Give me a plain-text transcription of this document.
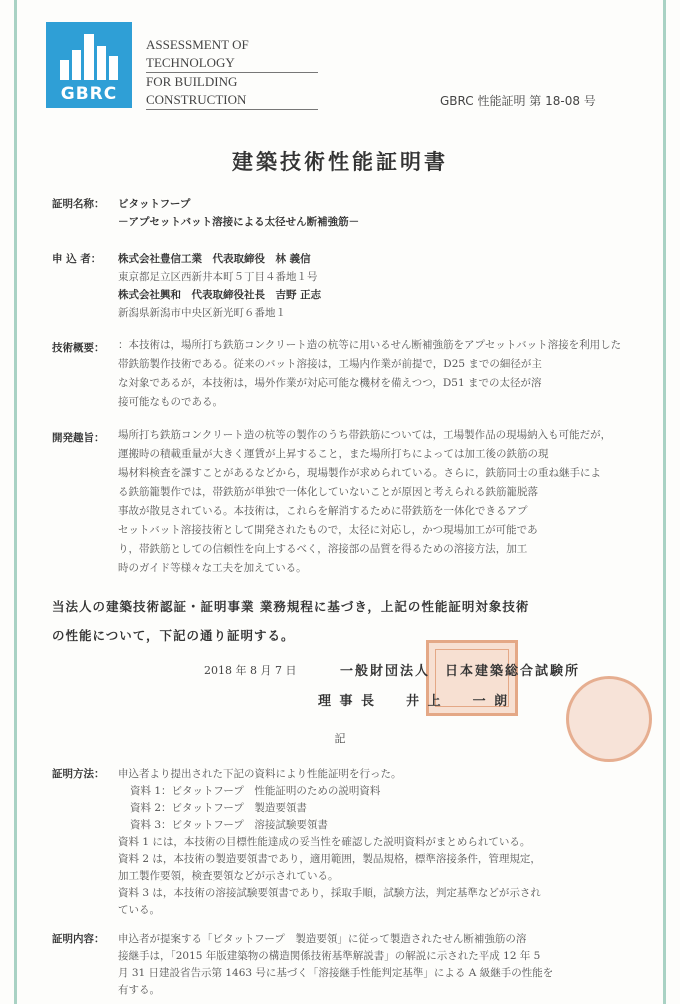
GBRC
ASSESSMENT OF TECHNOLOGY
FOR BUILDING CONSTRUCTION	GBRC 性能証明 第 18-08 号
建築技術性能証明書
証明名称： ビタットフープ
－アプセットバット溶接による太径せん断補強筋－
申 込 者： 株式会社豊信工業　代表取締役　林 義信
東京都足立区西新井本町５丁目４番地１号
株式会社興和　代表取締役社長　吉野 正志
新潟県新潟市中央区新光町６番地１
技術概要： ：本技術は，場所打ち鉄筋コンクリート造の杭等に用いるせん断補強筋をアプセットバット溶接を利用した
帯鉄筋製作技術である。従来のバット溶接は，工場内作業が前提で，D25 までの細径が主
な対象であるが，本技術は，場外作業が対応可能な機材を備えつつ，D51 までの太径が溶
接可能なものである。
開発趣旨： 場所打ち鉄筋コンクリート造の杭等の製作のうち帯鉄筋については，工場製作品の現場納入も可能だが，
運搬時の積載重量が大きく運賃が上昇すること，また場所打ちによっては加工後の鉄筋の現
場材料検査を課すことがあるなどから，現場製作が求められている。さらに，鉄筋同士の重ね継手によ
る鉄筋籠製作では，帯鉄筋が単独で一体化していないことが原因と考えられる鉄筋籠脱落
事故が散見されている。本技術は，これらを解消するために帯鉄筋を一体化できるアプ
セットバット溶接技術として開発されたもので，太径に対応し，かつ現場加工が可能であ
り，帯鉄筋としての信頼性を向上するべく，溶接部の品質を得るための溶接方法，加工
時のガイド等様々な工夫を加えている。
当法人の建築技術認証・証明事業 業務規程に基づき，上記の性能証明対象技術
の性能について，下記の通り証明する。
2018 年 8 月 7 日	一般財団法人　日本建築総合試験所
理 事 長　　井 上　　一 朗
記
証明方法： 申込者より提出された下記の資料により性能証明を行った。
資料 1：ビタットフープ　性能証明のための説明資料
資料 2：ビタットフープ　製造要領書
資料 3：ビタットフープ　溶接試験要領書
資料 1 には，本技術の目標性能達成の妥当性を確認した説明資料がまとめられている。
資料 2 は，本技術の製造要領書であり，適用範囲，製品規格，標準溶接条件，管理規定，
加工製作要領，検査要領などが示されている。
資料 3 は，本技術の溶接試験要領書であり，採取手順，試験方法，判定基準などが示され
ている。
証明内容： 申込者が提案する「ビタットフープ　製造要領」に従って製造されたせん断補強筋の溶
接継手は，「2015 年版建築物の構造関係技術基準解説書」の解説に示された平成 12 年 5
月 31 日建設省告示第 1463 号に基づく「溶接継手性能判定基準」による A 級継手の性能を
有する。
